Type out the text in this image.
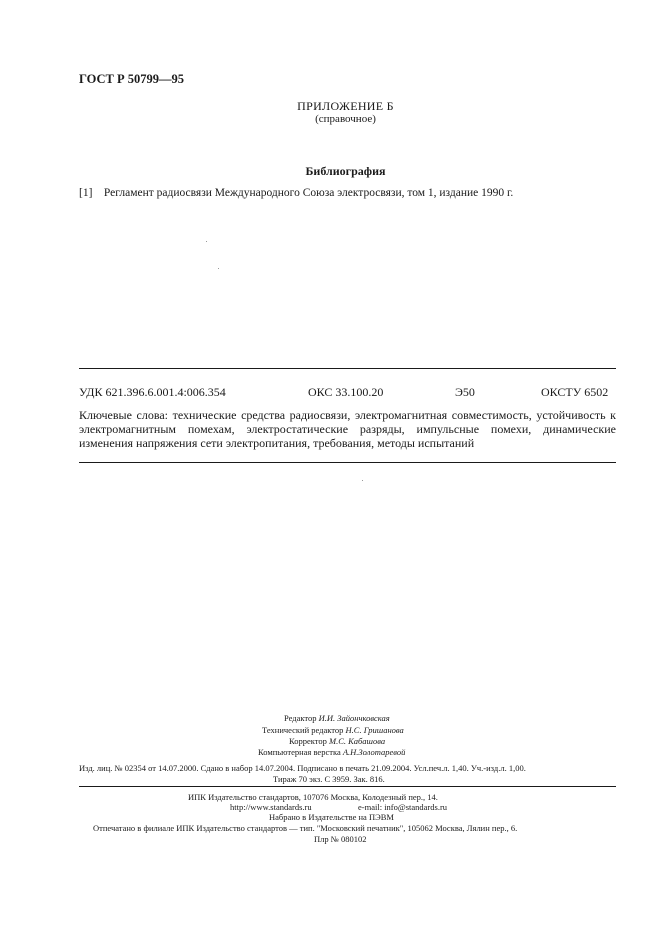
ГОСТ Р 50799—95
ПРИЛОЖЕНИЕ Б
(справочное)
Библиография
[1] Регламент радиосвязи Международного Союза электросвязи, том 1, издание 1990 г.
УДК 621.396.6.001.4:006.354	ОКС 33.100.20	Э50	ОКСТУ 6502
Ключевые слова: технические средства радиосвязи, электромагнитная совместимость, устойчивость к электромагнитным помехам, электростатические разряды, импульсные помехи, динамические изменения напряжения сети электропитания, требования, методы испытаний
Редактор И.И. Зайончковская
Технический редактор Н.С. Гришанова
Корректор М.С. Кабашова
Компьютерная верстка А.Н.Золотаревой
Изд. лиц. № 02354 от 14.07.2000. Сдано в набор 14.07.2004. Подписано в печать 21.09.2004. Усл.печ.л. 1,40. Уч.-изд.л. 1,00.
Тираж 70 экз. С 3959. Зак. 816.
ИПК Издательство стандартов, 107076 Москва, Колодезный пер., 14.
http://www.standards.ru	e-mail: info@standards.ru
Набрано в Издательстве на ПЭВМ
Отпечатано в филиале ИПК Издательство стандартов — тип. "Московский печатник", 105062 Москва, Лялин пер., 6.
Плр № 080102
